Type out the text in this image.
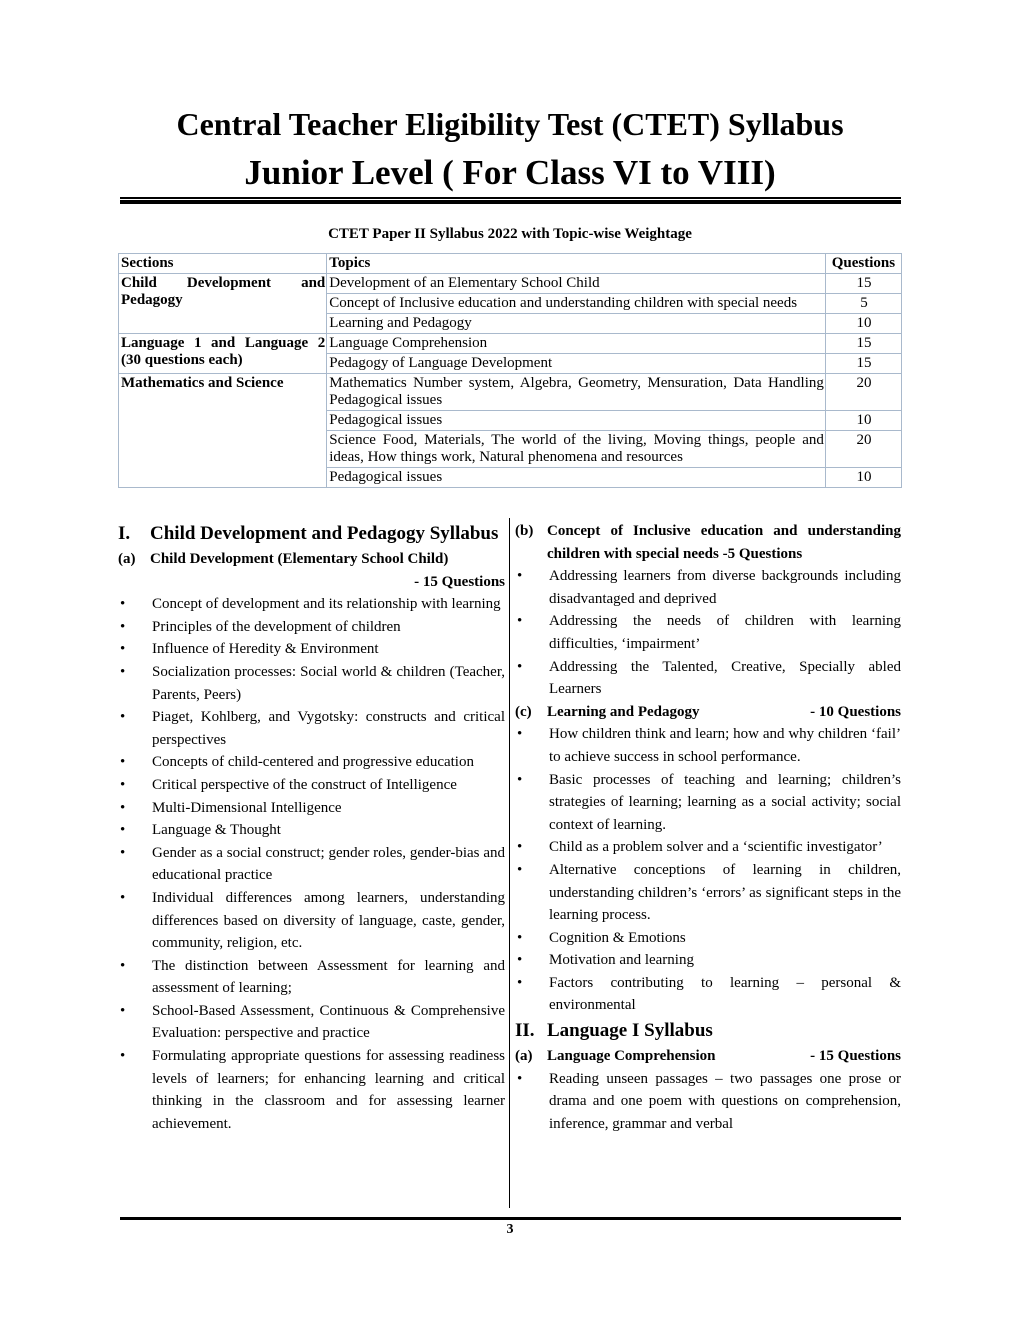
Central Teacher Eligibility Test (CTET) Syllabus
Junior Level ( For Class VI to VIII)
CTET Paper II Syllabus 2022 with Topic-wise Weightage
Sections	Topics	Questions
Child Development and Pedagogy	Development of an Elementary School Child	15
	Concept of Inclusive education and understanding children with special needs	5
	Learning and Pedagogy	10
Language 1 and Language 2 (30 questions each)	Language Comprehension	15
	Pedagogy of Language Development	15
Mathematics and Science	Mathematics Number system, Algebra, Geometry, Mensuration, Data Handling Pedagogical issues	20
	Pedagogical issues	10
	Science Food, Materials, The world of the living, Moving things, people and ideas, How things work, Natural phenomena and resources	20
	Pedagogical issues	10
I.	Child Development and Pedagogy Syllabus
(a) Child Development (Elementary School Child)
- 15 Questions
•	Concept of development and its relationship with learning
•	Principles of the development of children
•	Influence of Heredity & Environment
•	Socialization processes: Social world & children (Teacher, Parents, Peers)
•	Piaget, Kohlberg, and Vygotsky: constructs and critical perspectives
•	Concepts of child-centered and progressive education
•	Critical perspective of the construct of Intelligence
•	Multi-Dimensional Intelligence
•	Language & Thought
•	Gender as a social construct; gender roles, gender-bias and educational practice
•	Individual differences among learners, understanding differences based on diversity of language, caste, gender, community, religion, etc.
•	The distinction between Assessment for learning and assessment of learning;
•	School-Based Assessment, Continuous & Comprehensive Evaluation: perspective and practice
•	Formulating appropriate questions for assessing readiness levels of learners; for enhancing learning and critical thinking in the classroom and for assessing learner achievement.
(b) Concept of Inclusive education and understanding children with special needs -5 Questions
•	Addressing learners from diverse backgrounds including disadvantaged and deprived
•	Addressing the needs of children with learning difficulties, ‘impairment’
•	Addressing the Talented, Creative, Specially abled Learners
(c)	Learning and Pedagogy	- 10 Questions
•	How children think and learn; how and why children ‘fail’ to achieve success in school performance.
•	Basic processes of teaching and learning; children’s strategies of learning; learning as a social activity; social context of learning.
•	Child as a problem solver and a ‘scientific investigator’
•	Alternative conceptions of learning in children, understanding children’s ‘errors’ as significant steps in the learning process.
•	Cognition & Emotions
•	Motivation and learning
•	Factors contributing to learning – personal & environmental
II. Language I Syllabus
(a) Language Comprehension	- 15 Questions
•	Reading unseen passages – two passages one prose or drama and one poem with questions on comprehension, inference, grammar and verbal
3
